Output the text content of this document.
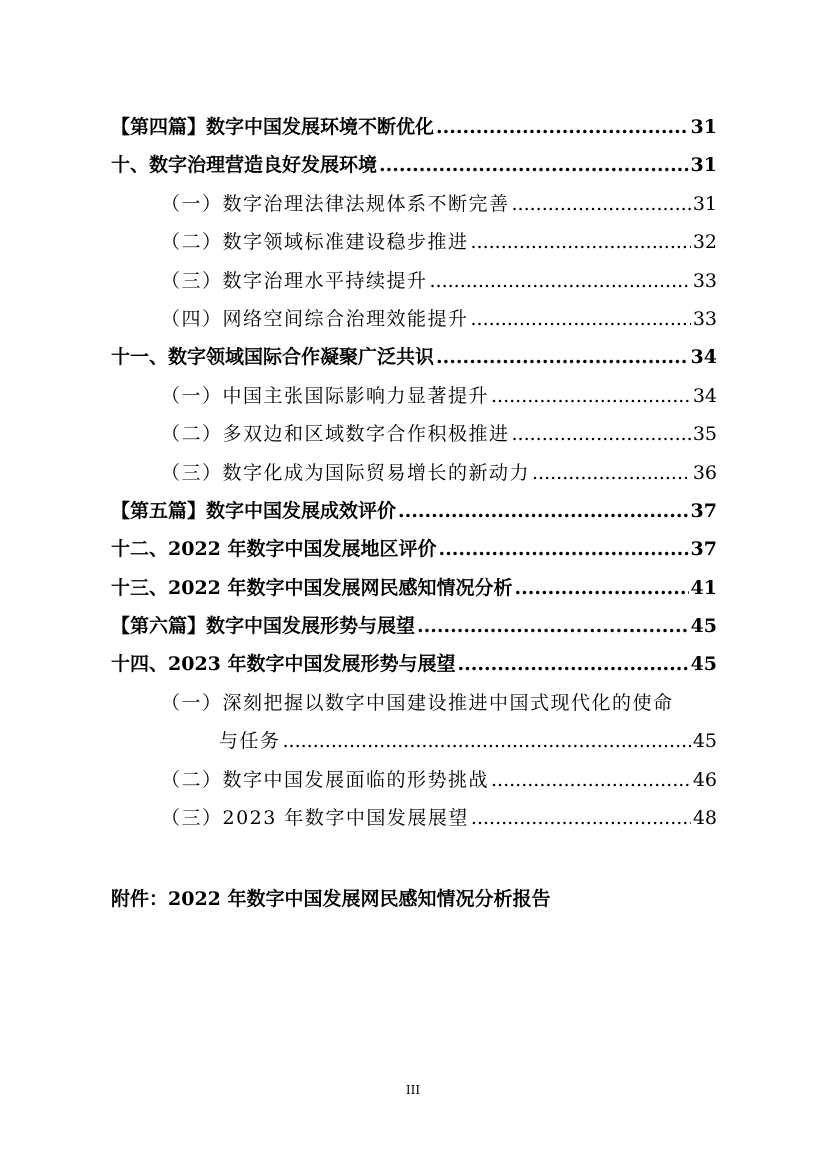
【第四篇】数字中国发展环境不断优化 .....	31
十、数字治理营造良好发展环境 .....	31
（一）数字治理法律法规体系不断完善 .....	31
（二）数字领域标准建设稳步推进 .....	32
（三）数字治理水平持续提升 .....	33
（四）网络空间综合治理效能提升 .....	33
十一、数字领域国际合作凝聚广泛共识 .....	34
（一）中国主张国际影响力显著提升 .....	34
（二）多双边和区域数字合作积极推进 .....	35
（三）数字化成为国际贸易增长的新动力 .....	36
【第五篇】数字中国发展成效评价 .....	37
十二、2022 年数字中国发展地区评价 .....	37
十三、2022 年数字中国发展网民感知情况分析 .....	41
【第六篇】数字中国发展形势与展望 .....	45
十四、2023 年数字中国发展形势与展望 .....	45
（一）深刻把握以数字中国建设推进中国式现代化的使命
与任务 .....	45
（二）数字中国发展面临的形势挑战 .....	46
（三）2023 年数字中国发展展望 .....	48
附件：2022 年数字中国发展网民感知情况分析报告
III
